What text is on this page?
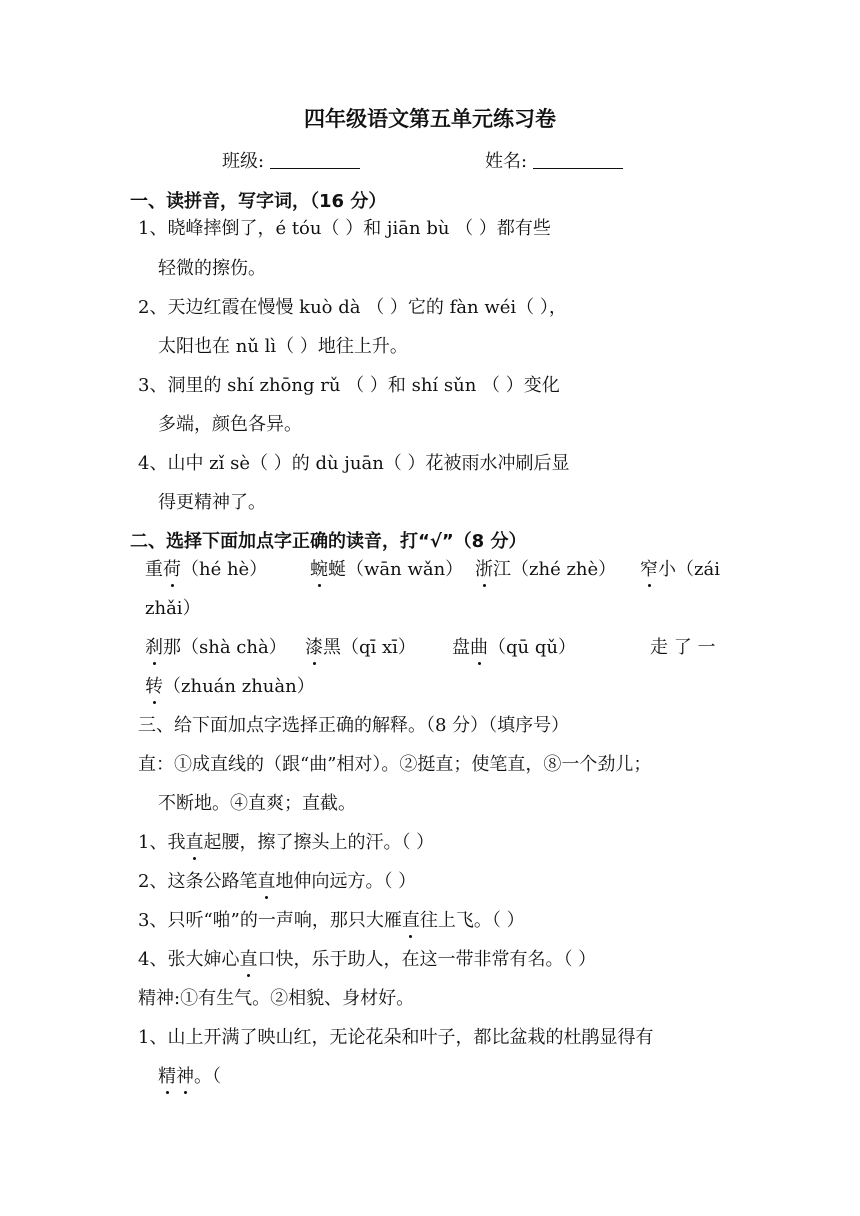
四年级语文第五单元练习卷
班级:	姓名:
一、读拼音，写字词，（16 分）
1、晓峰摔倒了，é tóu（ ）和 jiān bù （ ）都有些
轻微的擦伤。
2、天边红霞在慢慢 kuò dà （ ）它的 fàn wéi（ ），
太阳也在 nǔ lì（ ）地往上升。
3、洞里的 shí zhōng rǔ （ ）和 shí sǔn （ ）变化
多端，颜色各异。
4、山中 zǐ sè（ ）的 dù juān（ ）花被雨水冲刷后显
得更精神了。
二、选择下面加点字正确的读音，打“√”（8 分）
重荷（hé hè） 蜿蜒（wān wǎn） 浙江（zhé zhè） 窄小（zái
zhǎi）
刹那（shà chà） 漆黑（qī xī） 盘曲（qū qǔ）	走 了 一
转（zhuán zhuàn）
三、给下面加点字选择正确的解释。（8 分）（填序号）
直：①成直线的（跟“曲”相对）。②挺直；使笔直，⑧一个劲儿；
不断地。④直爽；直截。
1、我直起腰，擦了擦头上的汗。（ ）
2、这条公路笔直地伸向远方。（ ）
3、只听“啪”的一声响，那只大雁直往上飞。（ ）
4、张大婶心直口快，乐于助人，在这一带非常有名。（ ）
精神:①有生气。②相貌、身材好。
1、山上开满了映山红，无论花朵和叶子，都比盆栽的杜鹃显得有
精神。（
